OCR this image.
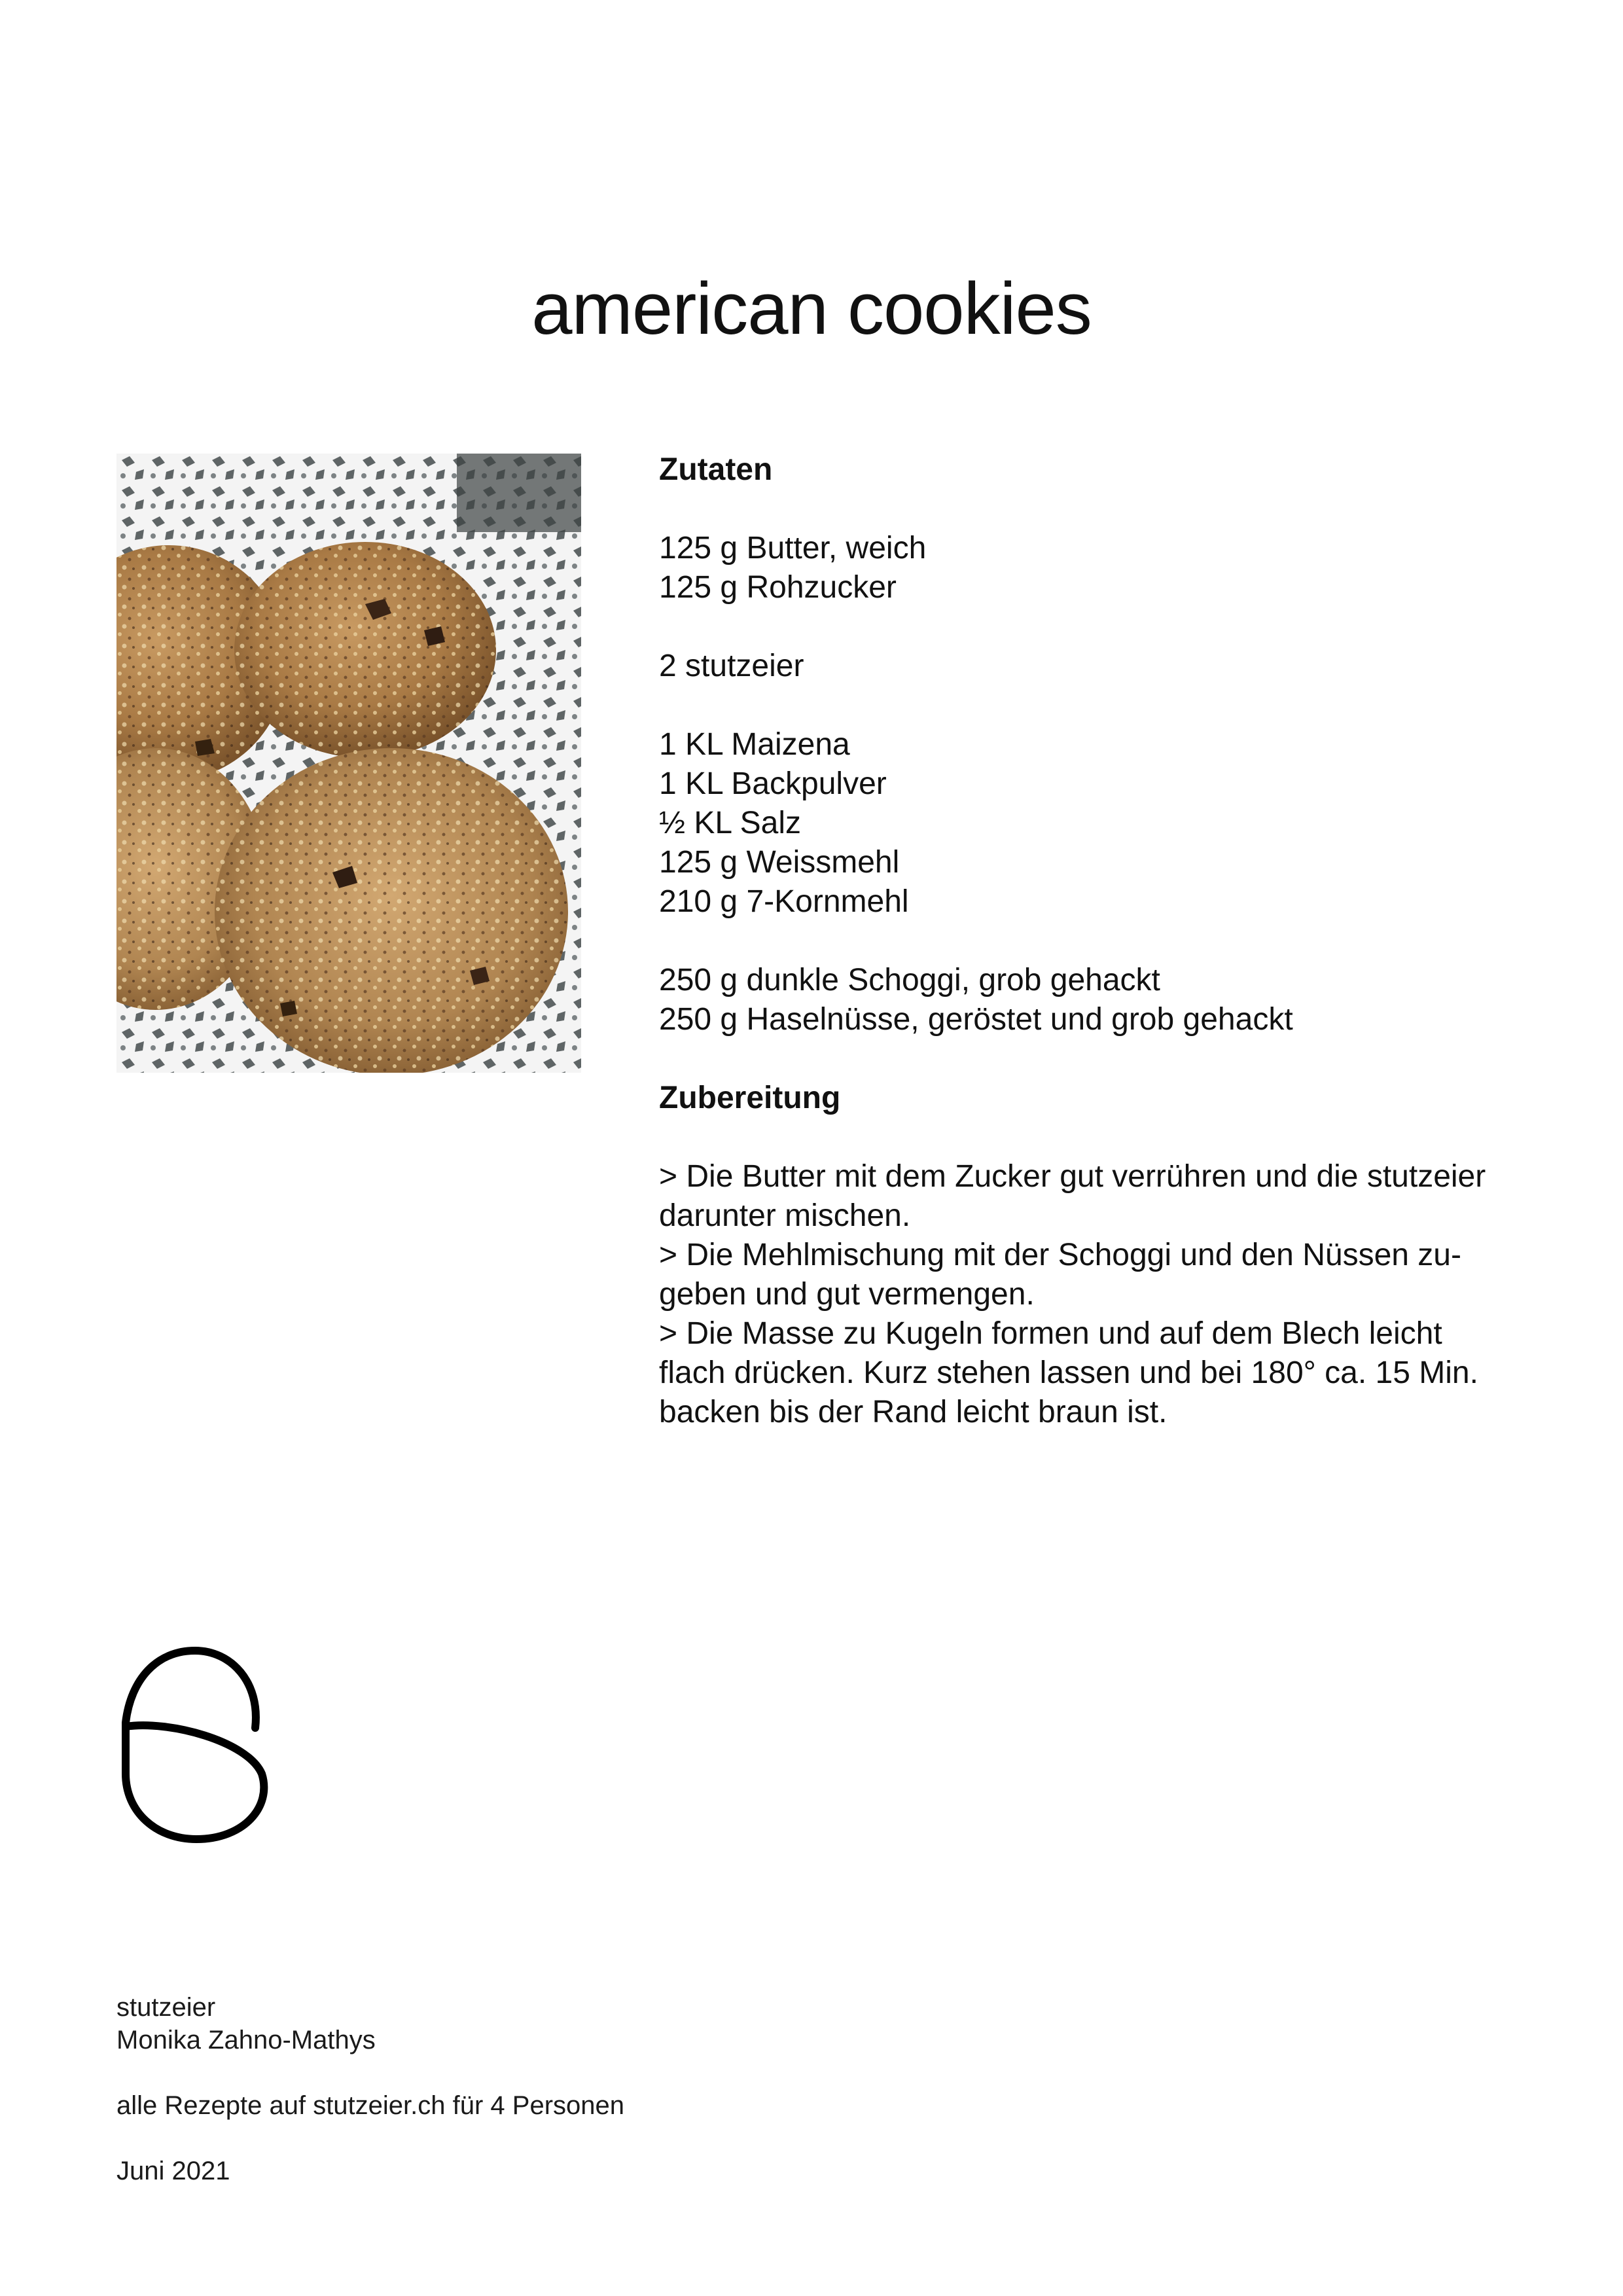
american cookies

Zutaten

125 g Butter, weich

125 g Rohzucker

2 stutzeier

1 KL Maizena

1 KL Backpulver

½ KL Salz

125 g Weissmehl

210 g 7-Kornmehl

250 g dunkle Schoggi, grob gehackt

250 g Haselnüsse, geröstet und grob gehackt

Zubereitung

> Die Butter mit dem Zucker gut verrühren und die stutzeier

darunter mischen.

> Die Mehlmischung mit der Schoggi und den Nüssen zu-

geben und gut vermengen.

> Die Masse zu Kugeln formen und auf dem Blech leicht

flach drücken. Kurz stehen lassen und bei 180° ca. 15 Min.

backen bis der Rand leicht braun ist.

stutzeier
Monika Zahno-Mathys
alle Rezepte auf stutzeier.ch für 4 Personen
Juni 2021
